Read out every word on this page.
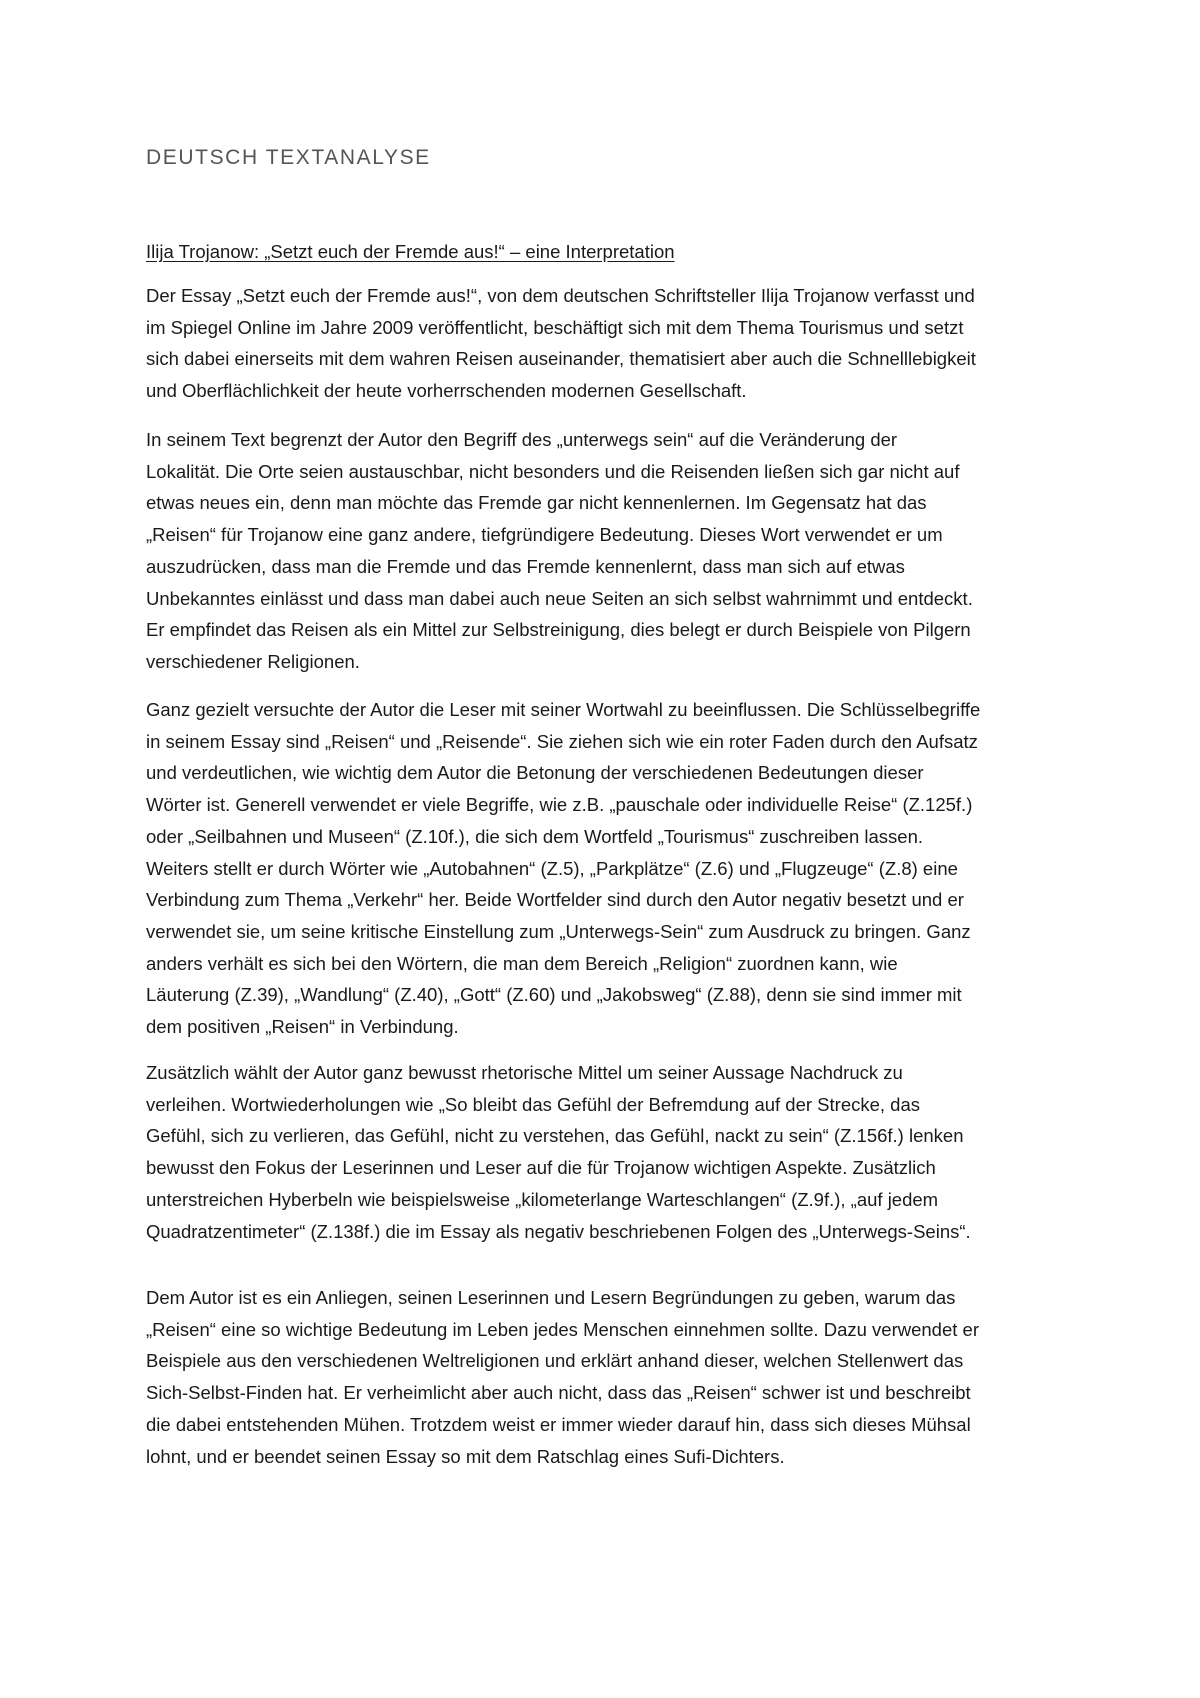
DEUTSCH TEXTANALYSE
Ilija Trojanow: „Setzt euch der Fremde aus!“ – eine Interpretation
Der Essay „Setzt euch der Fremde aus!“, von dem deutschen Schriftsteller Ilija Trojanow verfasst und
im Spiegel Online im Jahre 2009 veröffentlicht, beschäftigt sich mit dem Thema Tourismus und setzt
sich dabei einerseits mit dem wahren Reisen auseinander, thematisiert aber auch die Schnelllebigkeit
und Oberflächlichkeit der heute vorherrschenden modernen Gesellschaft.
In seinem Text begrenzt der Autor den Begriff des „unterwegs sein“ auf die Veränderung der
Lokalität. Die Orte seien austauschbar, nicht besonders und die Reisenden ließen sich gar nicht auf
etwas neues ein, denn man möchte das Fremde gar nicht kennenlernen. Im Gegensatz hat das
„Reisen“ für Trojanow eine ganz andere, tiefgründigere Bedeutung. Dieses Wort verwendet er um
auszudrücken, dass man die Fremde und das Fremde kennenlernt, dass man sich auf etwas
Unbekanntes einlässt und dass man dabei auch neue Seiten an sich selbst wahrnimmt und entdeckt.
Er empfindet das Reisen als ein Mittel zur Selbstreinigung, dies belegt er durch Beispiele von Pilgern
verschiedener Religionen.
Ganz gezielt versuchte der Autor die Leser mit seiner Wortwahl zu beeinflussen. Die Schlüsselbegriffe
in seinem Essay sind „Reisen“ und „Reisende“. Sie ziehen sich wie ein roter Faden durch den Aufsatz
und verdeutlichen, wie wichtig dem Autor die Betonung der verschiedenen Bedeutungen dieser
Wörter ist. Generell verwendet er viele Begriffe, wie z.B. „pauschale oder individuelle Reise“ (Z.125f.)
oder „Seilbahnen und Museen“ (Z.10f.), die sich dem Wortfeld „Tourismus“ zuschreiben lassen.
Weiters stellt er durch Wörter wie „Autobahnen“ (Z.5), „Parkplätze“ (Z.6) und „Flugzeuge“ (Z.8) eine
Verbindung zum Thema „Verkehr“ her. Beide Wortfelder sind durch den Autor negativ besetzt und er
verwendet sie, um seine kritische Einstellung zum „Unterwegs-Sein“ zum Ausdruck zu bringen. Ganz
anders verhält es sich bei den Wörtern, die man dem Bereich „Religion“ zuordnen kann, wie
Läuterung (Z.39), „Wandlung“ (Z.40), „Gott“ (Z.60) und „Jakobsweg“ (Z.88), denn sie sind immer mit
dem positiven „Reisen“ in Verbindung.
Zusätzlich wählt der Autor ganz bewusst rhetorische Mittel um seiner Aussage Nachdruck zu
verleihen. Wortwiederholungen wie „So bleibt das Gefühl der Befremdung auf der Strecke, das
Gefühl, sich zu verlieren, das Gefühl, nicht zu verstehen, das Gefühl, nackt zu sein“ (Z.156f.) lenken
bewusst den Fokus der Leserinnen und Leser auf die für Trojanow wichtigen Aspekte. Zusätzlich
unterstreichen Hyberbeln wie beispielsweise „kilometerlange Warteschlangen“ (Z.9f.), „auf jedem
Quadratzentimeter“ (Z.138f.) die im Essay als negativ beschriebenen Folgen des „Unterwegs-Seins“.
Dem Autor ist es ein Anliegen, seinen Leserinnen und Lesern Begründungen zu geben, warum das
„Reisen“ eine so wichtige Bedeutung im Leben jedes Menschen einnehmen sollte. Dazu verwendet er
Beispiele aus den verschiedenen Weltreligionen und erklärt anhand dieser, welchen Stellenwert das
Sich-Selbst-Finden hat. Er verheimlicht aber auch nicht, dass das „Reisen“ schwer ist und beschreibt
die dabei entstehenden Mühen. Trotzdem weist er immer wieder darauf hin, dass sich dieses Mühsal
lohnt, und er beendet seinen Essay so mit dem Ratschlag eines Sufi-Dichters.
